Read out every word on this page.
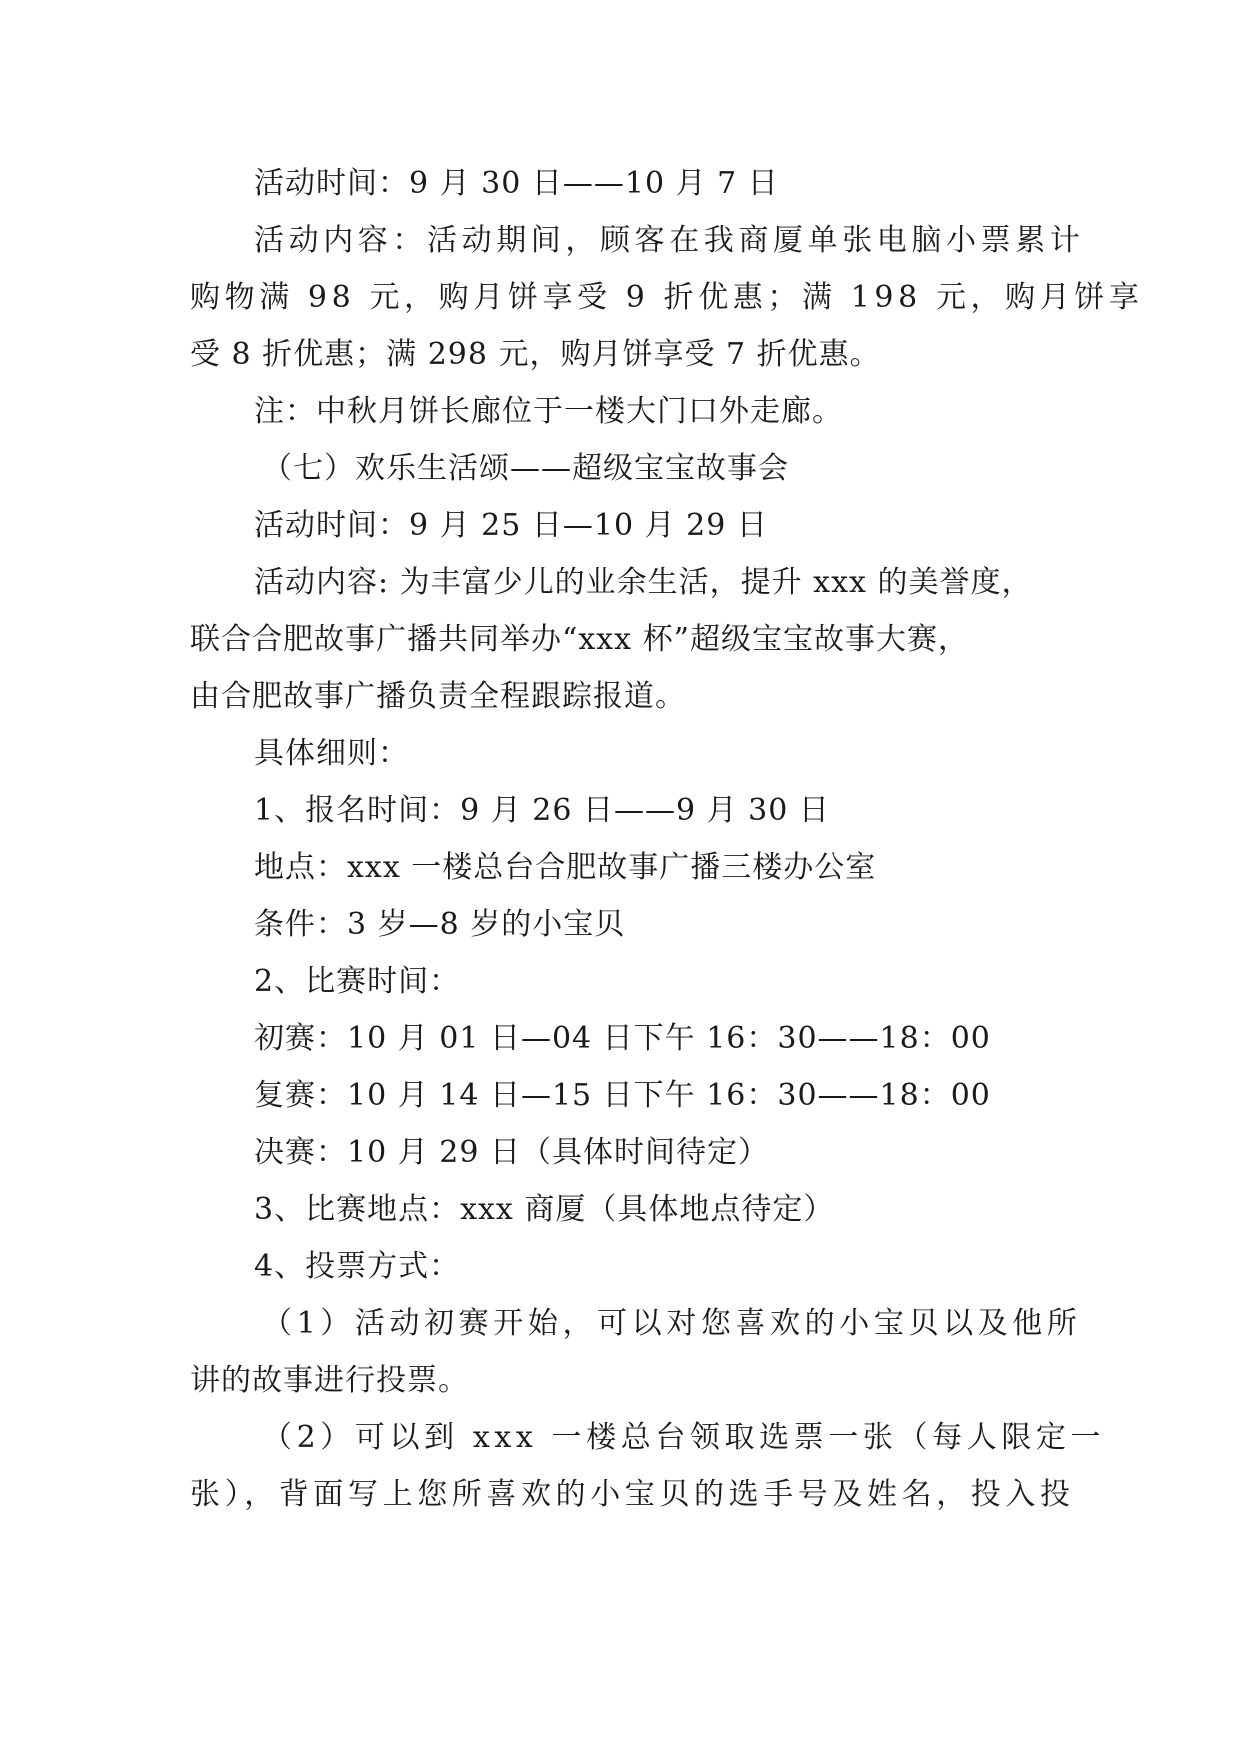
活动时间：9 月 30 日——10 月 7 日
活动内容：活动期间，顾客在我商厦单张电脑小票累计
购物满 98 元，购月饼享受 9 折优惠；满 198 元，购月饼享
受 8 折优惠；满 298 元，购月饼享受 7 折优惠。
注：中秋月饼长廊位于一楼大门口外走廊。
（七）欢乐生活颂——超级宝宝故事会
活动时间：9 月 25 日—10 月 29 日
活动内容: 为丰富少儿的业余生活，提升 xxx 的美誉度，
联合合肥故事广播共同举办“xxx 杯”超级宝宝故事大赛，
由合肥故事广播负责全程跟踪报道。
具体细则：
1、报名时间：9 月 26 日——9 月 30 日
地点：xxx 一楼总台合肥故事广播三楼办公室
条件：3 岁—8 岁的小宝贝
2、比赛时间：
初赛：10 月 01 日—04 日下午 16：30——18：00
复赛：10 月 14 日—15 日下午 16：30——18：00
决赛：10 月 29 日（具体时间待定）
3、比赛地点：xxx 商厦（具体地点待定）
4、投票方式：
（1）活动初赛开始，可以对您喜欢的小宝贝以及他所
讲的故事进行投票。
（2）可以到 xxx 一楼总台领取选票一张（每人限定一
张），背面写上您所喜欢的小宝贝的选手号及姓名，投入投
